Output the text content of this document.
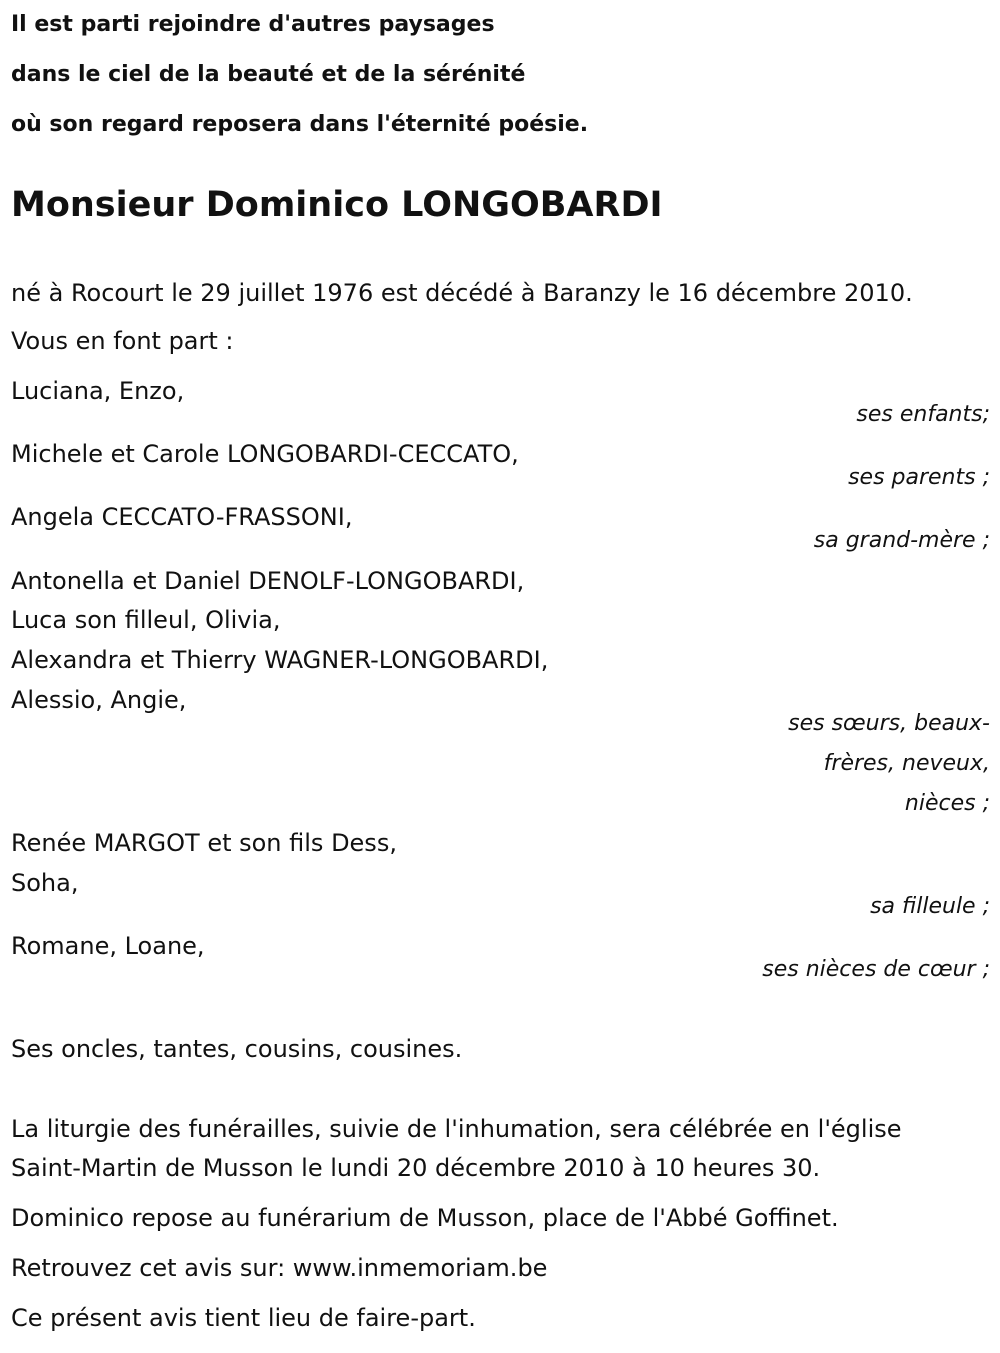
Il est parti rejoindre d'autres paysages
dans le ciel de la beauté et de la sérénité
où son regard reposera dans l'éternité poésie.
Monsieur Dominico LONGOBARDI
né à Rocourt le 29 juillet 1976 est décédé à Baranzy le 16 décembre 2010.
Vous en font part :
Luciana, Enzo,
ses enfants;
Michele et Carole LONGOBARDI-CECCATO,
ses parents ;
Angela CECCATO-FRASSONI,
sa grand-mère ;
Antonella et Daniel DENOLF-LONGOBARDI,
Luca son filleul, Olivia,
Alexandra et Thierry WAGNER-LONGOBARDI,
Alessio, Angie,
ses sœurs, beaux-frères, neveux, nièces ;
Renée MARGOT et son fils Dess,
Soha,
sa filleule ;
Romane, Loane,
ses nièces de cœur ;
Ses oncles, tantes, cousins, cousines.
La liturgie des funérailles, suivie de l'inhumation, sera célébrée en l'église
Saint-Martin de Musson le lundi 20 décembre 2010 à 10 heures 30.
Dominico repose au funérarium de Musson, place de l'Abbé Goffinet.
Retrouvez cet avis sur: www.inmemoriam.be
Ce présent avis tient lieu de faire-part.
